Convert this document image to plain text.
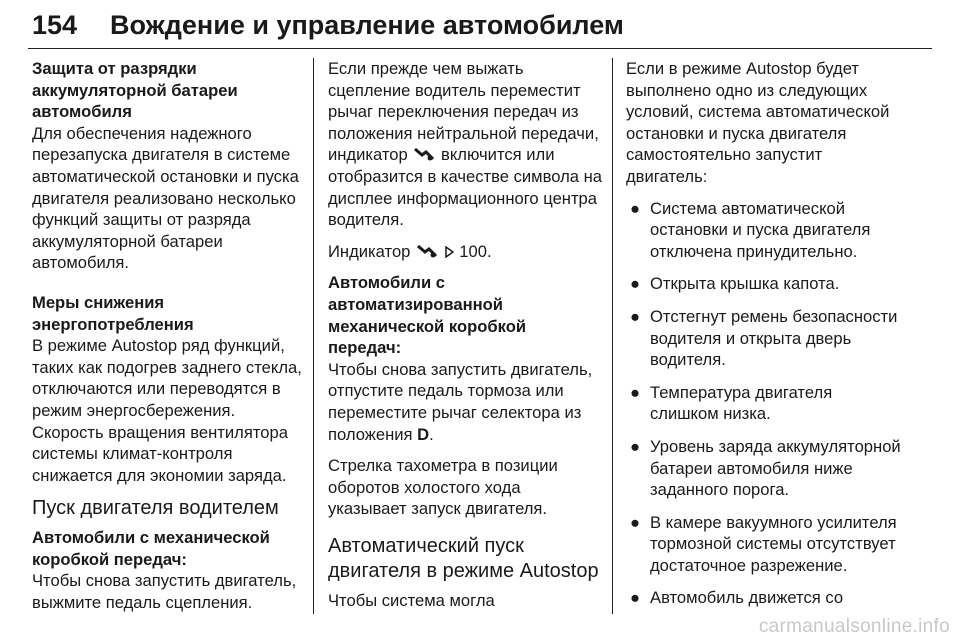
154 Вождение и управление автомобилем
Защита от разрядки
аккумуляторной батареи
автомобиля

Для обеспечения надежного перезапуска двигателя в системе автоматической остановки и пуска двигателя реализовано несколько функций защиты от разряда аккумуляторной батареи автомобиля.

Меры снижения
энергопотребления

В режиме Autostop ряд функций, таких как подогрев заднего стекла, отключаются или переводятся в режим энергосбережения.

Скорость вращения вентилятора системы климат-контроля снижается для экономии заряда.

Пуск двигателя водителем
Автомобили с механической коробкой передач:

Чтобы снова запустить двигатель, выжмите педаль сцепления.

Если прежде чем выжать сцепление водитель переместит рычаг переключения передач из положения нейтральной передачи, индикатор включится или отобразится в качестве символа на дисплее информационного центра водителя.

Индикатор	100.

Автомобили с автоматизированной механической коробкой передач:

Чтобы снова запустить двигатель, отпустите педаль тормоза или переместите рычаг селектора из положения D.

Стрелка тахометра в позиции оборотов холостого хода указывает запуск двигателя.

Автоматический пуск двигателя в режиме Autostop

Чтобы система могла

Если в режиме Autostop будет выполнено одно из следующих условий, система автоматической остановки и пуска двигателя самостоятельно запустит двигатель:

● Система автоматической остановки и пуска двигателя отключена принудительно.
● Открыта крышка капота.
● Отстегнут ремень безопасности водителя и открыта дверь водителя.
● Температура двигателя слишком низка.
● Уровень заряда аккумуляторной батареи автомобиля ниже заданного порога.
● В камере вакуумного усилителя тормозной системы отсутствует достаточное разрежение.
● Автомобиль движется со
carmanualsonline.info
